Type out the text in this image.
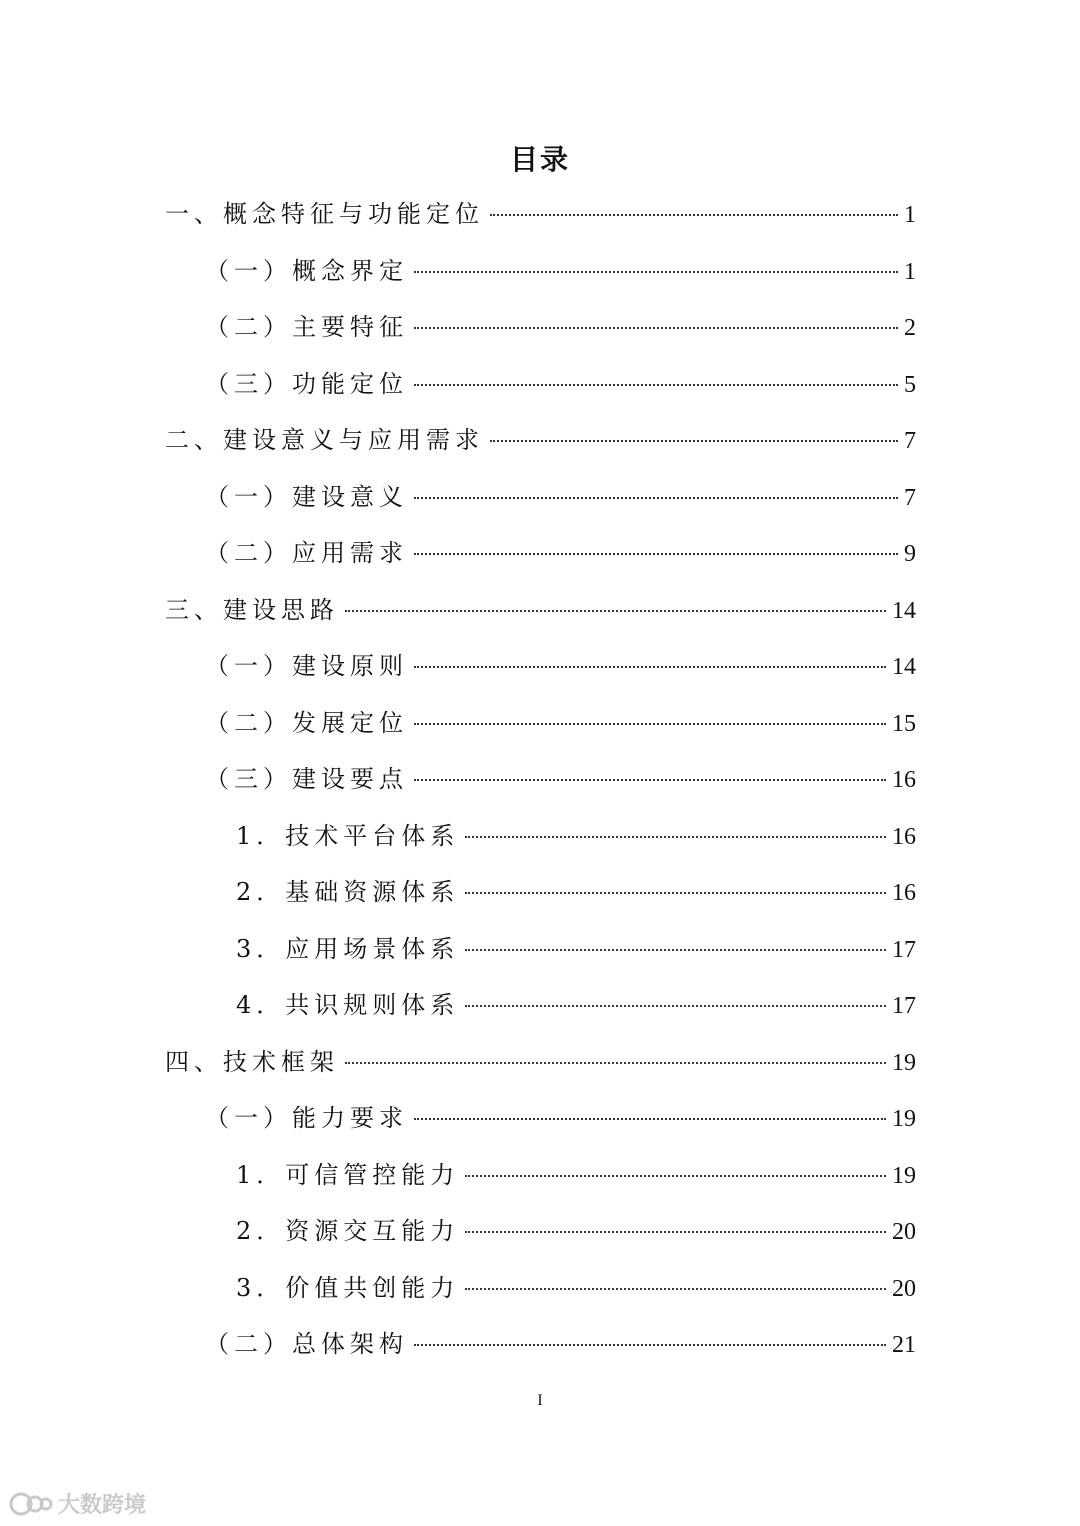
目录
一、概念特征与功能定位	1
（一）概念界定	1
（二）主要特征	2
（三）功能定位	5
二、建设意义与应用需求	7
（一）建设意义	7
（二）应用需求	9
三、建设思路	14
（一）建设原则	14
（二）发展定位	15
（三）建设要点	16
1．技术平台体系	16
2．基础资源体系	16
3．应用场景体系	17
4．共识规则体系	17
四、技术框架	19
（一）能力要求	19
1．可信管控能力	19
2．资源交互能力	20
3．价值共创能力	20
（二）总体架构	21
I
大数跨境
